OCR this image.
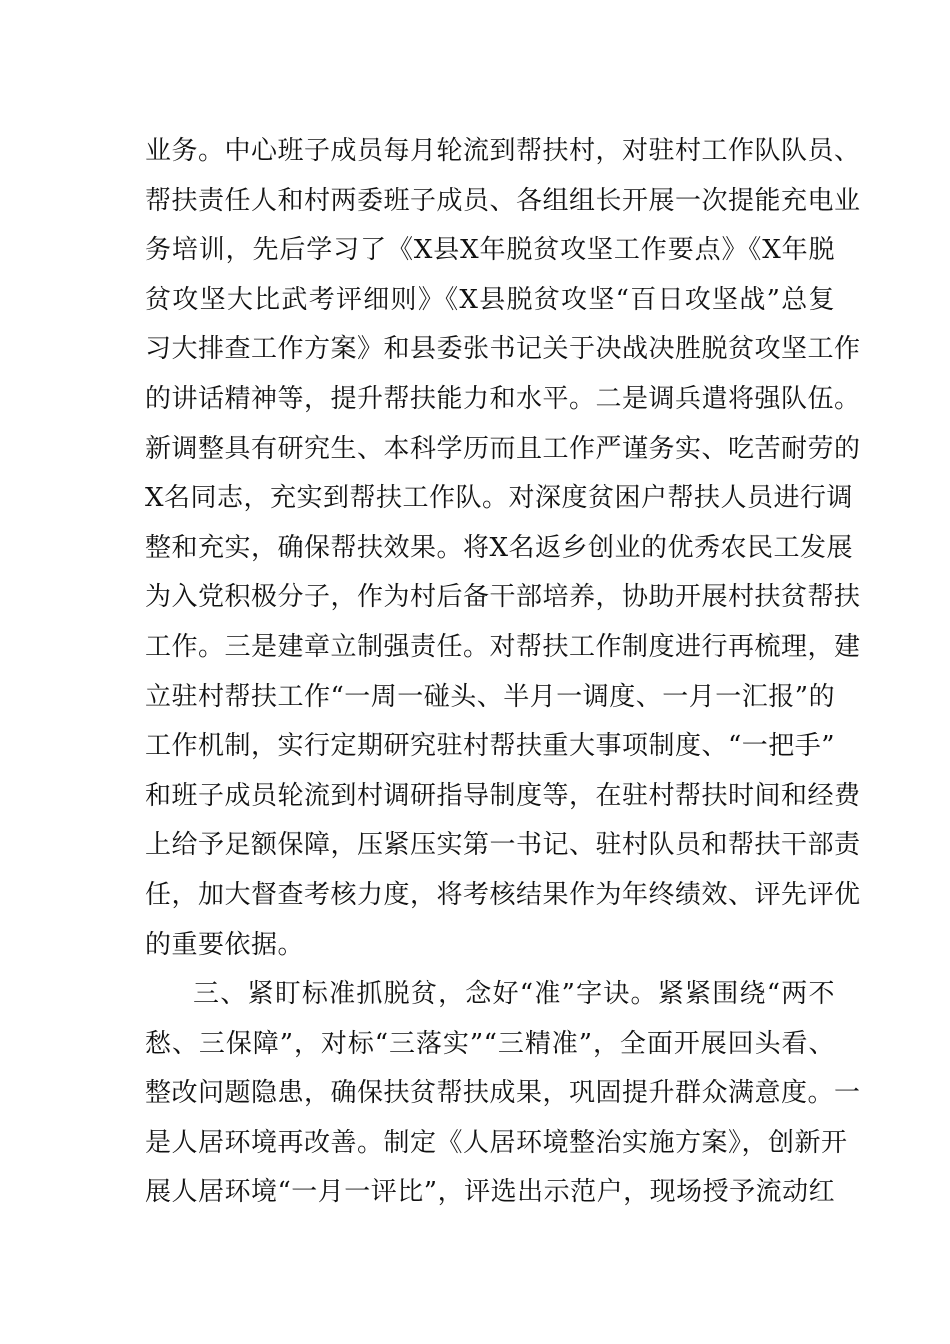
业务。中心班子成员每月轮流到帮扶村，对驻村工作队队员、
帮扶责任人和村两委班子成员、各组组长开展一次提能充电业
务培训，先后学习了《X县X年脱贫攻坚工作要点》《X年脱
贫攻坚大比武考评细则》《X县脱贫攻坚“百日攻坚战”总复
习大排查工作方案》和县委张书记关于决战决胜脱贫攻坚工作
的讲话精神等，提升帮扶能力和水平。二是调兵遣将强队伍。
新调整具有研究生、本科学历而且工作严谨务实、吃苦耐劳的
X名同志，充实到帮扶工作队。对深度贫困户帮扶人员进行调
整和充实，确保帮扶效果。将X名返乡创业的优秀农民工发展
为入党积极分子，作为村后备干部培养，协助开展村扶贫帮扶
工作。三是建章立制强责任。对帮扶工作制度进行再梳理，建
立驻村帮扶工作“一周一碰头、半月一调度、一月一汇报”的
工作机制，实行定期研究驻村帮扶重大事项制度、“一把手”
和班子成员轮流到村调研指导制度等，在驻村帮扶时间和经费
上给予足额保障，压紧压实第一书记、驻村队员和帮扶干部责
任，加大督查考核力度，将考核结果作为年终绩效、评先评优
的重要依据。
三、紧盯标准抓脱贫，念好“准”字诀。紧紧围绕“两不
愁、三保障”，对标“三落实”“三精准”，全面开展回头看、
整改问题隐患，确保扶贫帮扶成果，巩固提升群众满意度。一
是人居环境再改善。制定《人居环境整治实施方案》，创新开
展人居环境“一月一评比”，评选出示范户，现场授予流动红
